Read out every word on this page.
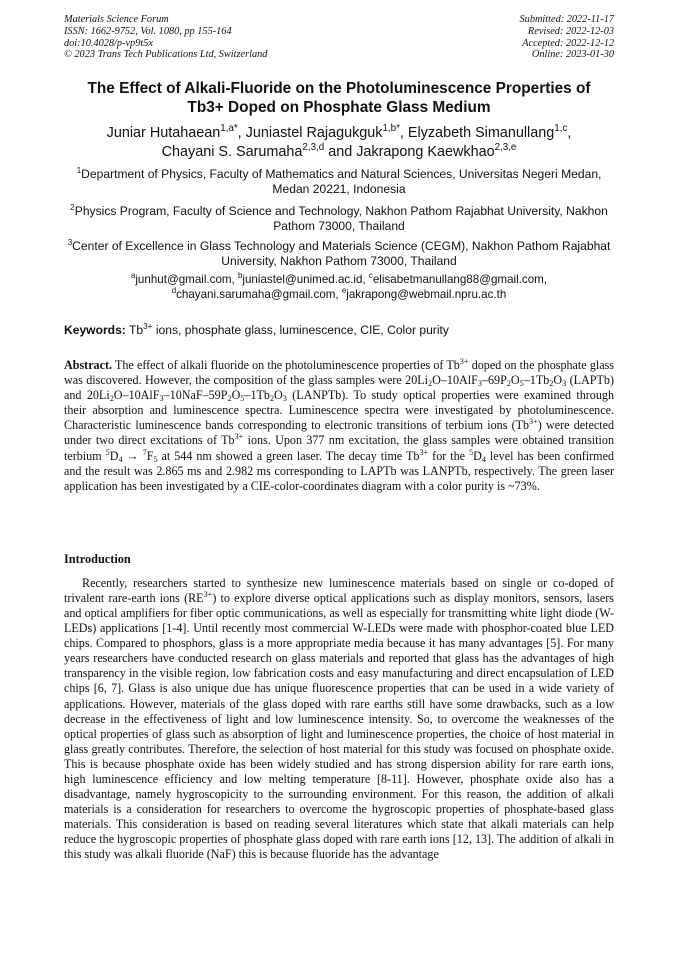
Materials Science Forum
ISSN: 1662-9752, Vol. 1080, pp 155-164
doi:10.4028/p-vp9t5x
© 2023 Trans Tech Publications Ltd, Switzerland
Submitted: 2022-11-17
Revised: 2022-12-03
Accepted: 2022-12-12
Online: 2023-01-30
The Effect of Alkali-Fluoride on the Photoluminescence Properties of
Tb3+ Doped on Phosphate Glass Medium
Juniar Hutahaean$^{1,a*}$, Juniastel Rajagukguk$^{1,b*}$, Elyzabeth Simanullang$^{1,c}$,
Chayani S. Sarumaha$^{2,3,d}$ and Jakrapong Kaewkhao$^{2,3,e}$
$^1$Department of Physics, Faculty of Mathematics and Natural Sciences, Universitas Negeri Medan, Medan 20221, Indonesia
$^2$Physics Program, Faculty of Science and Technology, Nakhon Pathom Rajabhat University, Nakhon Pathom 73000, Thailand
$^3$Center of Excellence in Glass Technology and Materials Science (CEGM), Nakhon Pathom Rajabhat University, Nakhon Pathom 73000, Thailand
$^a$junhut@gmail.com, $^b$juniastel@unimed.ac.id, $^c$elisabetmanullang88@gmail.com,
$^d$chayani.sarumaha@gmail.com, $^e$jakrapong@webmail.npru.ac.th
Keywords: $Tb^{3+}$ ions, phosphate glass, luminescence, CIE, Color purity
Abstract. The effect of alkali fluoride on the photoluminescence properties of $Tb^{3+}$ doped on the phosphate glass was discovered. However, the composition of the glass samples were $20Li_2O-10AlF_3-69P_2O_5-1Tb_2O_3$ (LAPTb) and $20Li_2O-10AlF_3-10NaF-59P_2O_5-1Tb_2O_3$ (LANPTb). To study optical properties were examined through their absorption and luminescence spectra. Luminescence spectra were investigated by photoluminescence. Characteristic luminescence bands corresponding to electronic transitions of terbium ions $(Tb^{3+})$ were detected under two direct excitations of $Tb^{3+}$ ions. Upon 377 nm excitation, the glass samples were obtained transition terbium $^5D_4 \to ^7F_5$ at 544 nm showed a green laser. The decay time $Tb^{3+}$ for the $^5D_4$ level has been confirmed and the result was 2.865 ms and 2.982 ms corresponding to LAPTb was LANPTb, respectively. The green laser application has been investigated by a CIE-color-coordinates diagram with a color purity is ~73%.
Introduction
Recently, researchers started to synthesize new luminescence materials based on single or co-doped of trivalent rare-earth ions $(RE^{3+})$ to explore diverse optical applications such as display monitors, sensors, lasers and optical amplifiers for fiber optic communications, as well as especially for transmitting white light diode (W-LEDs) applications [1-4]. Until recently most commercial W-LEDs were made with phosphor-coated blue LED chips. Compared to phosphors, glass is a more appropriate media because it has many advantages [5]. For many years researchers have conducted research on glass materials and reported that glass has the advantages of high transparency in the visible region, low fabrication costs and easy manufacturing and direct encapsulation of LED chips [6, 7]. Glass is also unique due has unique fluorescence properties that can be used in a wide variety of applications. However, materials of the glass doped with rare earths still have some drawbacks, such as a low decrease in the effectiveness of light and low luminescence intensity. So, to overcome the weaknesses of the optical properties of glass such as absorption of light and luminescence properties, the choice of host material in glass greatly contributes. Therefore, the selection of host material for this study was focused on phosphate oxide. This is because phosphate oxide has been widely studied and has strong dispersion ability for rare earth ions, high luminescence efficiency and low melting temperature [8-11]. However, phosphate oxide also has a disadvantage, namely hygroscopicity to the surrounding environment. For this reason, the addition of alkali materials is a consideration for researchers to overcome the hygroscopic properties of phosphate-based glass materials. This consideration is based on reading several literatures which state that alkali materials can help reduce the hygroscopic properties of phosphate glass doped with rare earth ions [12, 13]. The addition of alkali in this study was alkali fluoride (NaF) this is because fluoride has the advantage
